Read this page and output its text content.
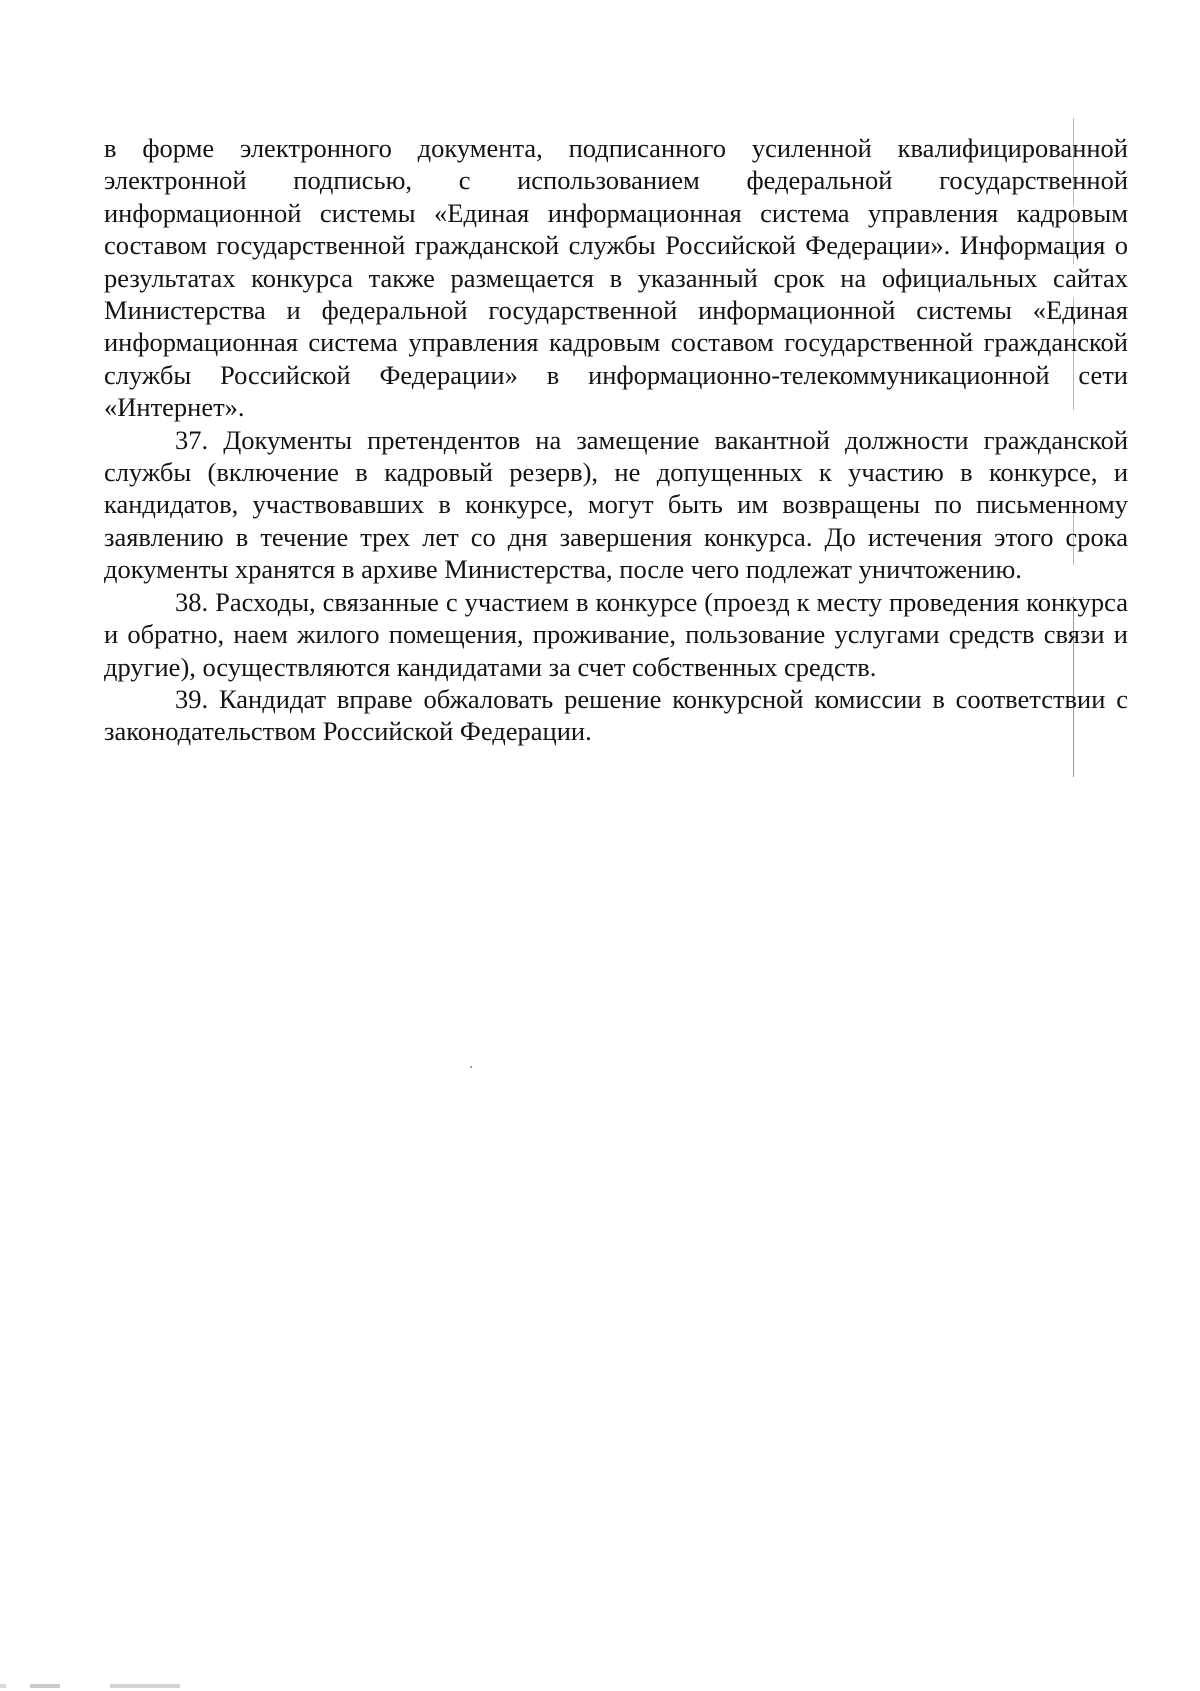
в форме электронного документа, подписанного усиленной квалифицированной электронной подписью, с использованием федеральной государственной информационной системы «Единая информационная система управления кадровым составом государственной гражданской службы Российской Федерации». Информация о результатах конкурса также размещается в указанный срок на официальных сайтах Министерства и федеральной государственной информационной системы «Единая информационная система управления кадровым составом государственной гражданской службы Российской Федерации» в информационно-телекоммуникационной сети «Интернет».

37. Документы претендентов на замещение вакантной должности гражданской службы (включение в кадровый резерв), не допущенных к участию в конкурсе, и кандидатов, участвовавших в конкурсе, могут быть им возвращены по письменному заявлению в течение трех лет со дня завершения конкурса. До истечения этого срока документы хранятся в архиве Министерства, после чего подлежат уничтожению.

38. Расходы, связанные с участием в конкурсе (проезд к месту проведения конкурса и обратно, наем жилого помещения, проживание, пользование услугами средств связи и другие), осуществляются кандидатами за счет собственных средств.

39. Кандидат вправе обжаловать решение конкурсной комиссии в соответствии с законодательством Российской Федерации.
